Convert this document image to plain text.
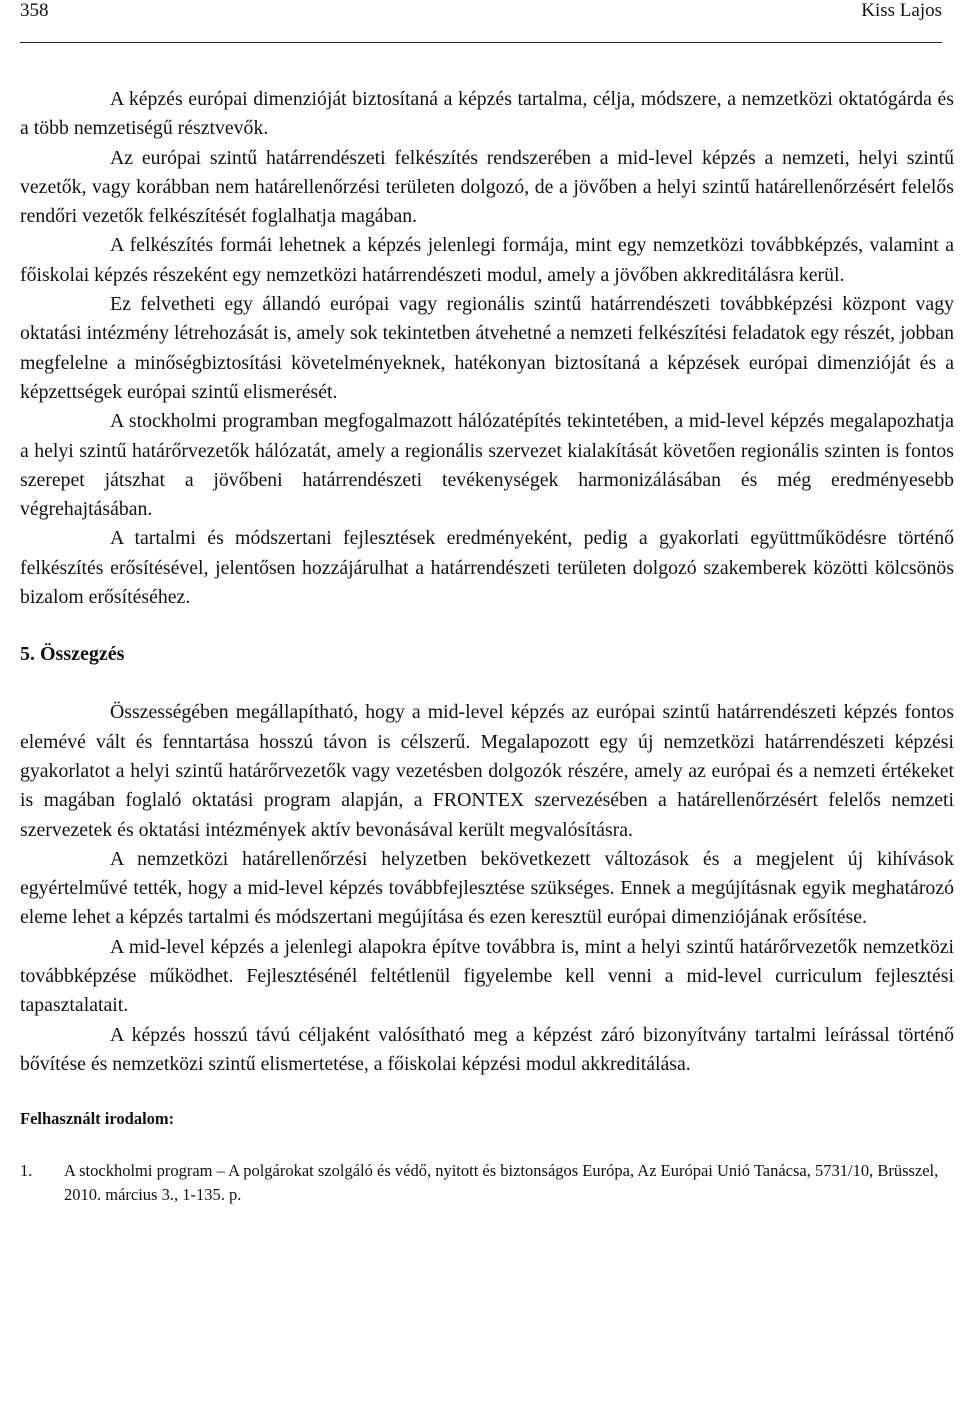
358	Kiss Lajos

A képzés európai dimenzióját biztosítaná a képzés tartalma, célja, módszere, a nemzetközi oktatógárda és a több nemzetiségű résztvevők.

Az európai szintű határrendészeti felkészítés rendszerében a mid-level képzés a nemzeti, helyi szintű vezetők, vagy korábban nem határellenőrzési területen dolgozó, de a jövőben a helyi szintű határellenőrzésért felelős rendőri vezetők felkészítését foglalhatja magában.

A felkészítés formái lehetnek a képzés jelenlegi formája, mint egy nemzetközi továbbképzés, valamint a főiskolai képzés részeként egy nemzetközi határrendészeti modul, amely a jövőben akkreditálásra kerül.

Ez felvetheti egy állandó európai vagy regionális szintű határrendészeti továbbképzési központ vagy oktatási intézmény létrehozását is, amely sok tekintetben átvehetné a nemzeti felkészítési feladatok egy részét, jobban megfelelne a minőségbiztosítási követelményeknek, hatékonyan biztosítaná a képzések európai dimenzióját és a képzettségek európai szintű elismerését.

A stockholmi programban megfogalmazott hálózatépítés tekintetében, a mid-level képzés megalapozhatja a helyi szintű határőrvezetők hálózatát, amely a regionális szervezet kialakítását követően regionális szinten is fontos szerepet játszhat a jövőbeni határrendészeti tevékenységek harmonizálásában és még eredményesebb végrehajtásában.

A tartalmi és módszertani fejlesztések eredményeként, pedig a gyakorlati együttműködésre történő felkészítés erősítésével, jelentősen hozzájárulhat a határrendészeti területen dolgozó szakemberek közötti kölcsönös bizalom erősítéséhez.

5. Összegzés

Összességében megállapítható, hogy a mid-level képzés az európai szintű határrendészeti képzés fontos elemévé vált és fenntartása hosszú távon is célszerű. Megalapozott egy új nemzetközi határrendészeti képzési gyakorlatot a helyi szintű határőrvezetők vagy vezetésben dolgozók részére, amely az európai és a nemzeti értékeket is magában foglaló oktatási program alapján, a FRONTEX szervezésében a határellenőrzésért felelős nemzeti szervezetek és oktatási intézmények aktív bevonásával került megvalósításra.

A nemzetközi határellenőrzési helyzetben bekövetkezett változások és a megjelent új kihívások egyértelművé tették, hogy a mid-level képzés továbbfejlesztése szükséges. Ennek a megújításnak egyik meghatározó eleme lehet a képzés tartalmi és módszertani megújítása és ezen keresztül európai dimenziójának erősítése.

A mid-level képzés a jelenlegi alapokra építve továbbra is, mint a helyi szintű határőrvezetők nemzetközi továbbképzése működhet. Fejlesztésénél feltétlenül figyelembe kell venni a mid-level curriculum fejlesztési tapasztalatait.

A képzés hosszú távú céljaként valósítható meg a képzést záró bizonyítvány tartalmi leírással történő bővítése és nemzetközi szintű elismertetése, a főiskolai képzési modul akkreditálása.

Felhasznált irodalom:
1. A stockholmi program – A polgárokat szolgáló és védő, nyitott és biztonságos Európa, Az Európai Unió Tanácsa, 5731/10, Brüsszel, 2010. március 3., 1-135. p.
